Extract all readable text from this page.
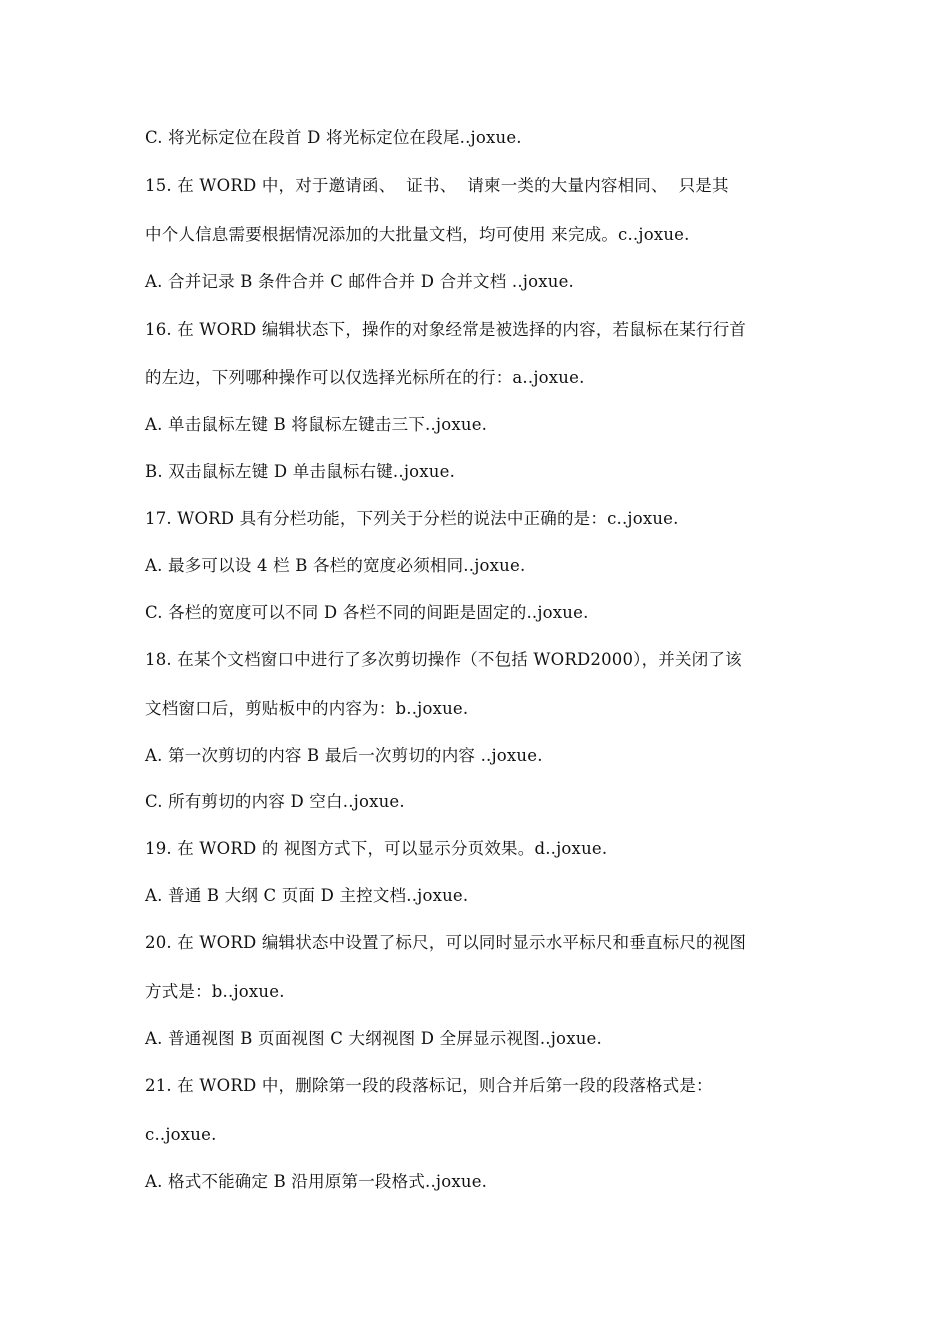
C. 将光标定位在段首 D 将光标定位在段尾..joxue.
15. 在 WORD 中，对于邀请函、  证书、  请柬一类的大量内容相同、  只是其
中个人信息需要根据情况添加的大批量文档，均可使用 来完成。c..joxue.
A. 合并记录 B 条件合并 C 邮件合并 D 合并文档 ..joxue.
16. 在 WORD 编辑状态下，操作的对象经常是被选择的内容，若鼠标在某行行首
的左边，下列哪种操作可以仅选择光标所在的行：a..joxue.
A. 单击鼠标左键 B 将鼠标左键击三下..joxue.
B. 双击鼠标左键 D 单击鼠标右键..joxue.
17. WORD 具有分栏功能，下列关于分栏的说法中正确的是：c..joxue.
A. 最多可以设 4 栏 B 各栏的宽度必须相同..joxue.
C. 各栏的宽度可以不同 D 各栏不同的间距是固定的..joxue.
18. 在某个文档窗口中进行了多次剪切操作（不包括 WORD2000），并关闭了该
文档窗口后，剪贴板中的内容为：b..joxue.
A. 第一次剪切的内容 B 最后一次剪切的内容 ..joxue.
C. 所有剪切的内容 D 空白..joxue.
19. 在 WORD 的 视图方式下，可以显示分页效果。d..joxue.
A. 普通 B 大纲 C 页面 D 主控文档..joxue.
20. 在 WORD 编辑状态中设置了标尺，可以同时显示水平标尺和垂直标尺的视图
方式是：b..joxue.
A. 普通视图 B 页面视图 C 大纲视图 D 全屏显示视图..joxue.
21. 在 WORD 中，删除第一段的段落标记，则合并后第一段的段落格式是：
c..joxue.
A. 格式不能确定 B 沿用原第一段格式..joxue.
